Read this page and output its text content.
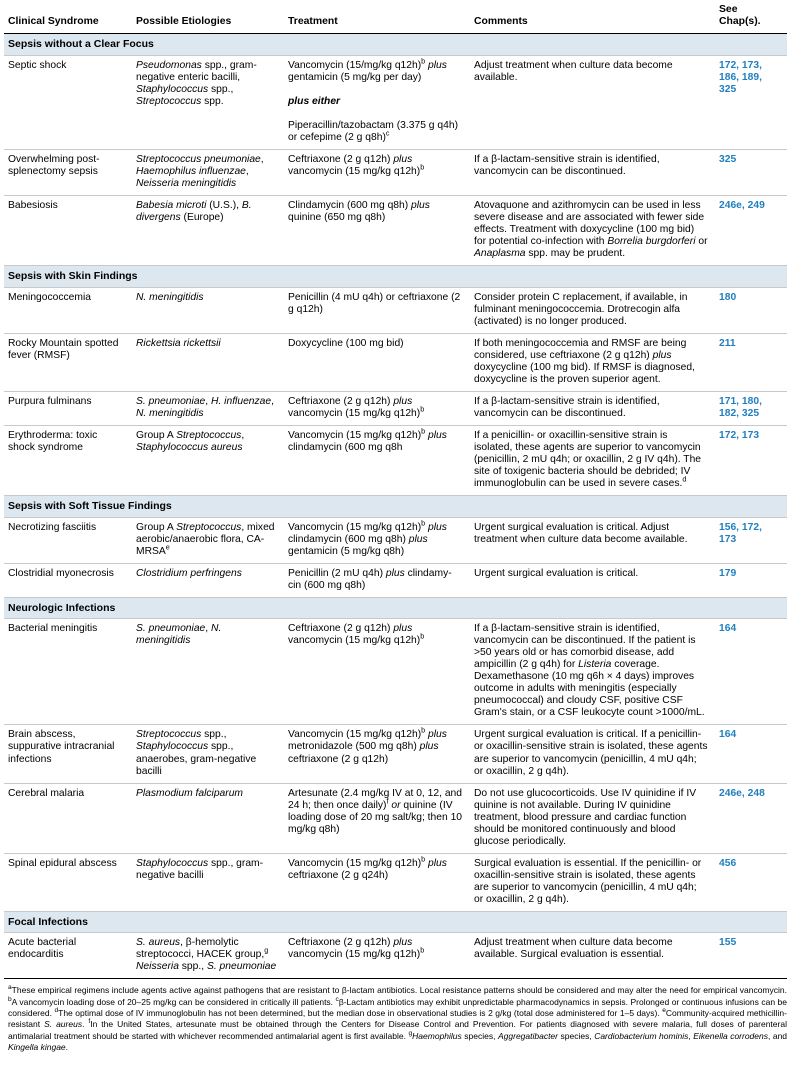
Clinical Syndrome	Possible Etiologies	Treatment	Comments	See Chap(s).
Sepsis without a Clear Focus				
Septic shock	Pseudomonas spp., gram-negative enteric bacilli, Staphylococcus spp., Streptococcus spp.	Vancomycin (15/mg/kg q12h)$^b$ plus gentamicin (5 mg/kg per day)

plus either

Piperacillin/tazobactam (3.375 g q4h) or cefepime (2 g q8h)$^c$	Adjust treatment when culture data become available.	172, 173, 186, 189, 325
Overwhelming post-splenectomy sepsis	Streptococcus pneumoniae, Haemophilus influenzae, Neisseria meningitidis	Ceftriaxone (2 g q12h) plus vancomycin (15 mg/kg q12h)$^b$	If a β-lactam-sensitive strain is identified, vancomycin can be discontinued.	325
Babesiosis	Babesia microti (U.S.), B. divergens (Europe)	Clindamycin (600 mg q8h) plus quinine (650 mg q8h)	Atovaquone and azithromycin can be used in less severe disease and are associated with fewer side effects. Treatment with doxycycline (100 mg bid) for potential co-infection with Borrelia burgdorferi or Anaplasma spp. may be prudent.	246e, 249
Sepsis with Skin Findings				
Meningococcemia	N. meningitidis	Penicillin (4 mU q4h) or ceftriaxone (2 g q12h)	Consider protein C replacement, if available, in fulminant meningococcemia. Drotrecogin alfa (activated) is no longer produced.	180
Rocky Mountain spotted fever (RMSF)	Rickettsia rickettsii	Doxycycline (100 mg bid)	If both meningococcemia and RMSF are being considered, use ceftriaxone (2 g q12h) plus doxycycline (100 mg bid). If RMSF is diagnosed, doxycycline is the proven superior agent.	211
Purpura fulminans	S. pneumoniae, H. influenzae, N. meningitidis	Ceftriaxone (2 g q12h) plus vancomycin (15 mg/kg q12h)$^b$	If a β-lactam-sensitive strain is identified, vancomycin can be discontinued.	171, 180, 182, 325
Erythroderma: toxic shock syndrome	Group A Streptococcus, Staphylococcus aureus	Vancomycin (15 mg/kg q12h)$^b$ plus clindamycin (600 mg q8h	If a penicillin- or oxacillin-sensitive strain is isolated, these agents are superior to vancomycin (penicillin, 2 mU q4h; or oxacillin, 2 g IV q4h). The site of toxigenic bacteria should be debrided; IV immunoglobulin can be used in severe cases.$^d$	172, 173
Sepsis with Soft Tissue Findings				
Necrotizing fasciitis	Group A Streptococcus, mixed aerobic/anaerobic flora, CA-MRSA$^e$	Vancomycin (15 mg/kg q12h)$^b$ plus clindamycin (600 mg q8h) plus gentamicin (5 mg/kg q8h)	Urgent surgical evaluation is critical. Adjust treatment when culture data become available.	156, 172, 173
Clostridial myonecrosis	Clostridium perfringens	Penicillin (2 mU q4h) plus clindamy-cin (600 mg q8h)	Urgent surgical evaluation is critical.	179
Neurologic Infections				
Bacterial meningitis	S. pneumoniae, N. meningitidis	Ceftriaxone (2 g q12h) plus vancomycin (15 mg/kg q12h)$^b$	If a β-lactam-sensitive strain is identified, vancomycin can be discontinued. If the patient is >50 years old or has comorbid disease, add ampicillin (2 g q4h) for Listeria coverage. Dexamethasone (10 mg q6h × 4 days) improves outcome in adults with meningitis (especially pneumococcal) and cloudy CSF, positive CSF Gram's stain, or a CSF leukocyte count >1000/mL.	164
Brain abscess, suppurative intracranial infections	Streptococcus spp., Staphylococcus spp., anaerobes, gram-negative bacilli	Vancomycin (15 mg/kg q12h)$^b$ plus metronidazole (500 mg q8h) plus ceftriaxone (2 g q12h)	Urgent surgical evaluation is critical. If a penicillin- or oxacillin-sensitive strain is isolated, these agents are superior to vancomycin (penicillin, 4 mU q4h; or oxacillin, 2 g q4h).	164
Cerebral malaria	Plasmodium falciparum	Artesunate (2.4 mg/kg IV at 0, 12, and 24 h; then once daily)$^f$ or quinine (IV loading dose of 20 mg salt/kg; then 10 mg/kg q8h)	Do not use glucocorticoids. Use IV quinidine if IV quinine is not available. During IV quinidine treatment, blood pressure and cardiac function should be monitored continuously and blood glucose periodically.	246e, 248
Spinal epidural abscess	Staphylococcus spp., gram-negative bacilli	Vancomycin (15 mg/kg q12h)$^b$ plus ceftriaxone (2 g q24h)	Surgical evaluation is essential. If the penicillin- or oxacillin-sensitive strain is isolated, these agents are superior to vancomycin (penicillin, 4 mU q4h; or oxacillin, 2 g q4h).	456
Focal Infections				
Acute bacterial endocarditis	S. aureus, β-hemolytic streptococci, HACEK group,$^g$ Neisseria spp., S. pneumoniae	Ceftriaxone (2 g q12h) plus vancomycin (15 mg/kg q12h)$^b$	Adjust treatment when culture data become available. Surgical evaluation is essential.	155
$^a$These empirical regimens include agents active against pathogens that are resistant to β-lactam antibiotics. Local resistance patterns should be considered and may alter the need for empirical vancomycin. $^b$A vancomycin loading dose of 20–25 mg/kg can be considered in critically ill patients. $^c$β-Lactam antibiotics may exhibit unpredictable pharmacodynamics in sepsis. Prolonged or continuous infusions can be considered. $^d$The optimal dose of IV immunoglobulin has not been determined, but the median dose in observational studies is 2 g/kg (total dose administered for 1–5 days). $^e$Community-acquired methicillin-resistant S. aureus. $^f$In the United States, artesunate must be obtained through the Centers for Disease Control and Prevention. For patients diagnosed with severe malaria, full doses of parenteral antimalarial treatment should be started with whichever recommended antimalarial agent is first available. $^g$Haemophilus species, Aggregatibacter species, Cardiobacterium hominis, Eikenella corrodens, and Kingella kingae.
